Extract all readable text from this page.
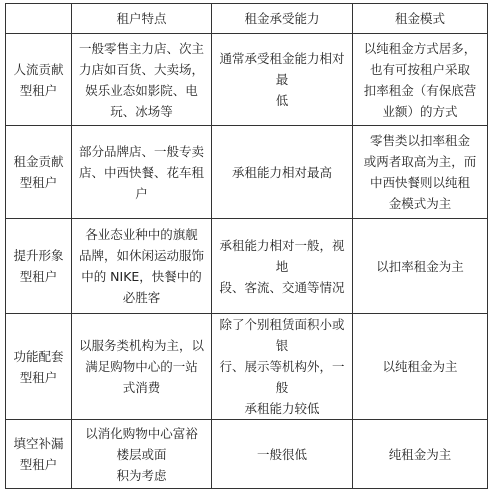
	租户特点	租金承受能力	租金模式

人流贡献
型租户	一般零售主力店、次主
力店如百货、大卖场，
娱乐业态如影院、电
玩、冰场等	通常承受租金能力相对最
低	以纯租金方式居多，
也有可按租户采取
扣率租金（有保底营
业额）的方式

租金贡献
型租户	部分品牌店、一般专卖
店、中西快餐、花车租
户	承租能力相对最高	零售类以扣率租金
或两者取高为主，而
中西快餐则以纯租
金模式为主

提升形象
型租户	各业态业种中的旗舰
品牌，如休闲运动服饰
中的 NIKE，快餐中的
必胜客	承租能力相对一般，视地
段、客流、交通等情况	以扣率租金为主

功能配套
型租户	以服务类机构为主，以
满足购物中心的一站
式消费	除了个别租赁面积小或银
行、展示等机构外，一般
承租能力较低	以纯租金为主

填空补漏
型租户	以消化购物中心富裕
楼层或面
积为考虑	一般很低	纯租金为主
